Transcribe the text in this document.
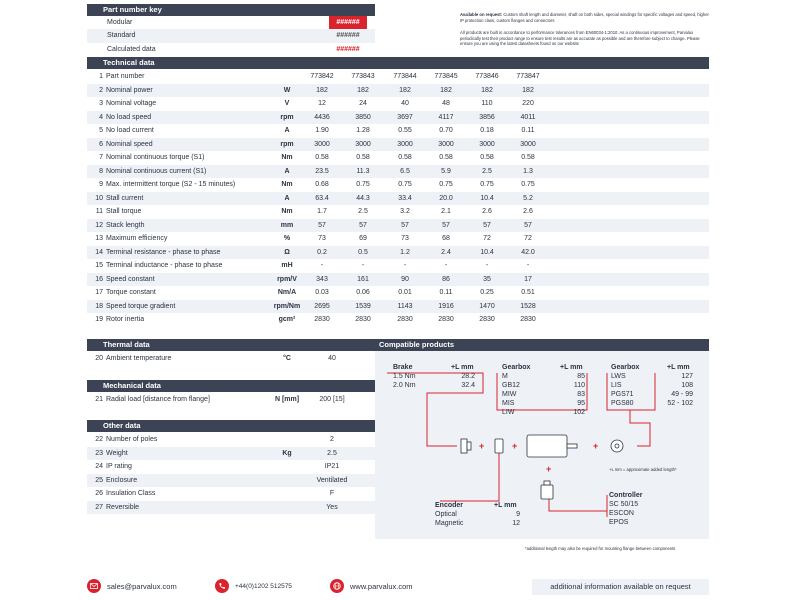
Part number key
Modular	######
Standard	######
Calculated data	######
Available on request: Custom shaft length and diameter, shaft on both sides, special windings for specific voltages and speed, higher IP protection class, custom flanges and connectors
All products are built in accordance to performance tolerances from EN60034-1:2010. As a continuous improvement, Parvalux periodically test their product range to ensure test results are as accurate as possible and are therefore subject to change. Please ensure you are using the latest datasheets found on our website
Technical data
1 Part number	773842	773843	773844	773845	773846	773847
2 Nominal power	W	182	182	182	182	182	182
3 Nominal voltage	V	12	24	40	48	110	220
4 No load speed	rpm	4436	3850	3697	4117	3856	4011
5 No load current	A	1.90	1.28	0.55	0.70	0.18	0.11
6 Nominal speed	rpm	3000	3000	3000	3000	3000	3000
7 Nominal continuous torque (S1)	Nm	0.58	0.58	0.58	0.58	0.58	0.58
8 Nominal continuous current (S1)	A	23.5	11.3	6.5	5.9	2.5	1.3
9 Max. intermittent torque (S2 - 15 minutes)	Nm	0.68	0.75	0.75	0.75	0.75	0.75
10 Stall current	A	63.4	44.3	33.4	20.0	10.4	5.2
11 Stall torque	Nm	1.7	2.5	3.2	2.1	2.6	2.6
12 Stack length	mm	57	57	57	57	57	57
13 Maximum efficiency	%	73	69	73	68	72	72
14 Terminal resistance - phase to phase	Ω	0.2	0.5	1.2	2.4	10.4	42.0
15 Terminal inductance - phase to phase	mH	-	-	-	-	-	-
16 Speed constant	rpm/V	343	161	90	86	35	17
17 Torque constant	Nm/A	0.03	0.06	0.01	0.11	0.25	0.51
18 Speed torque gradient	rpm/Nm	2695	1539	1143	1916	1470	1528
19 Rotor inertia	gcm²	2830	2830	2830	2830	2830	2830
Thermal data
20 Ambient temperature	°C	40
Mechanical data
21 Radial load [distance from flange]	N [mm]	200 [15]
Other data
22 Number of poles	2
23 Weight	Kg	2.5
24 IP rating	IP21
25 Enclosure	Ventilated
26 Insulation Class	F
27 Reversible	Yes
Compatible products
+	+	+
+
Brake	+L mm
1.5 Nm	28.2
2.0 Nm	32.4
Gearbox	+L mm
M	85
GB12	110
MIW	83
MIS	95
LIW	102
Gearbox	+L mm
LWS	127
LIS	108
PGS71	49 - 99
PGS80	52 - 102
Encoder	+L mm
Optical	9
Magnetic	12
Controller
SC 50/15
ESCON
EPOS
+L mm = approximate added length*
*additional length may also be required for mounting flange between components
sales@parvalux.com	+44(0)1202 512575	www.parvalux.com	additional information available on request
